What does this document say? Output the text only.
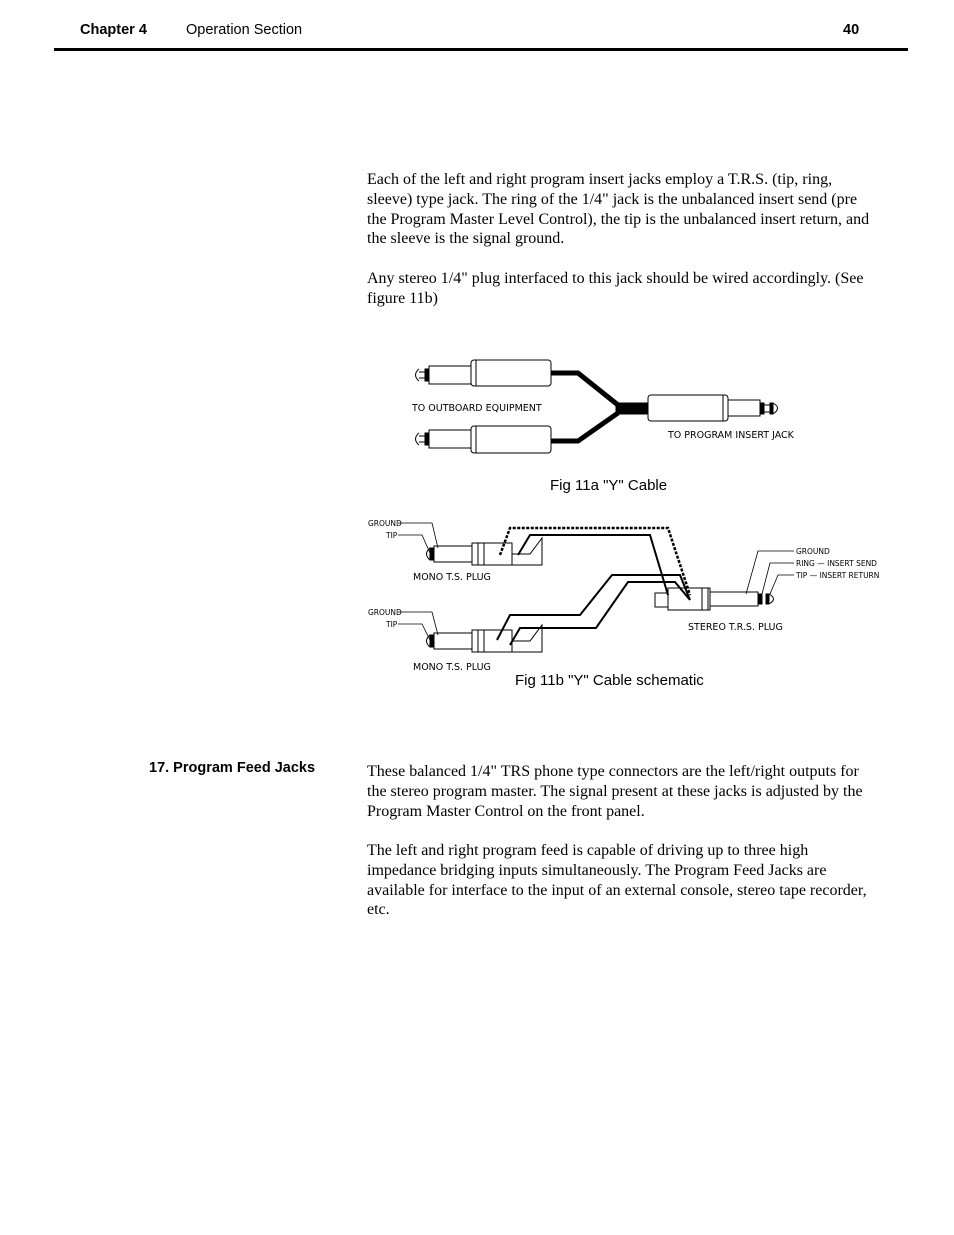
Chapter 4	Operation Section	40

Each of the left and right program insert jacks employ a T.R.S. (tip, ring, sleeve) type jack. The ring of the 1/4" jack is the unbalanced insert send (pre the Program Master Level Control), the tip is the unbalanced insert return, and the sleeve is the signal ground.

Any stereo 1/4" plug interfaced to this jack should be wired accordingly. (See figure 11b)

TO OUTBOARD EQUIPMENT
TO PROGRAM INSERT JACK
GROUND
TIP
MONO T.S. PLUG
GROUND
TIP
MONO T.S. PLUG
STEREO T.R.S. PLUG
GROUND
RING — INSERT SEND
TIP — INSERT RETURN
Fig 11a "Y" Cable
Fig 11b "Y" Cable schematic
17. Program Feed Jacks	These balanced 1/4" TRS phone type connectors are the left/right outputs for the stereo program master. The signal present at these jacks is adjusted by the Program Master Control on the front panel.

The left and right program feed is capable of driving up to three high impedance bridging inputs simultaneously. The Program Feed Jacks are available for interface to the input of an external console, stereo tape recorder, etc.
